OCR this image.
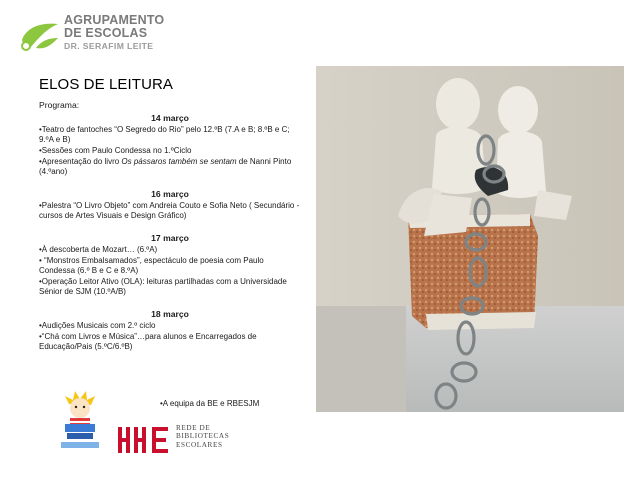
AGRUPAMENTO
DE ESCOLAS
DR. SERAFIM LEITE
ELOS DE LEITURA
Programa:
14 março
•Teatro de fantoches “O Segredo do Rio” pelo 12.ºB (7.A e B; 8.ºB e C; 9.ºA e B)
•Sessões com Paulo Condessa no 1.ºCiclo
•Apresentação do livro Os pássaros também se sentam de Nanni Pinto (4.ºano)
16 março
•Palestra “O Livro Objeto” com Andreia Couto e Sofia Neto ( Secundário - cursos de Artes Visuais e Design Gráfico)
17 março
•À descoberta de Mozart… (6.ºA)
• “Monstros Embalsamados”, espectáculo de poesia com Paulo Condessa (6.º B e C e 8.ºA)
•Operação Leitor Ativo (OLA): leituras partilhadas com a Universidade Sénior de SJM (10.ºA/B)
18 março
•Audições Musicais com 2.º ciclo
•“Chá com Livros e Música”…para alunos e Encarregados de Educação/Pais (5.ºC/6.ºB)
•A equipa da BE e RBESJM
REDE DE
BIBLIOTECAS
ESCOLARES
